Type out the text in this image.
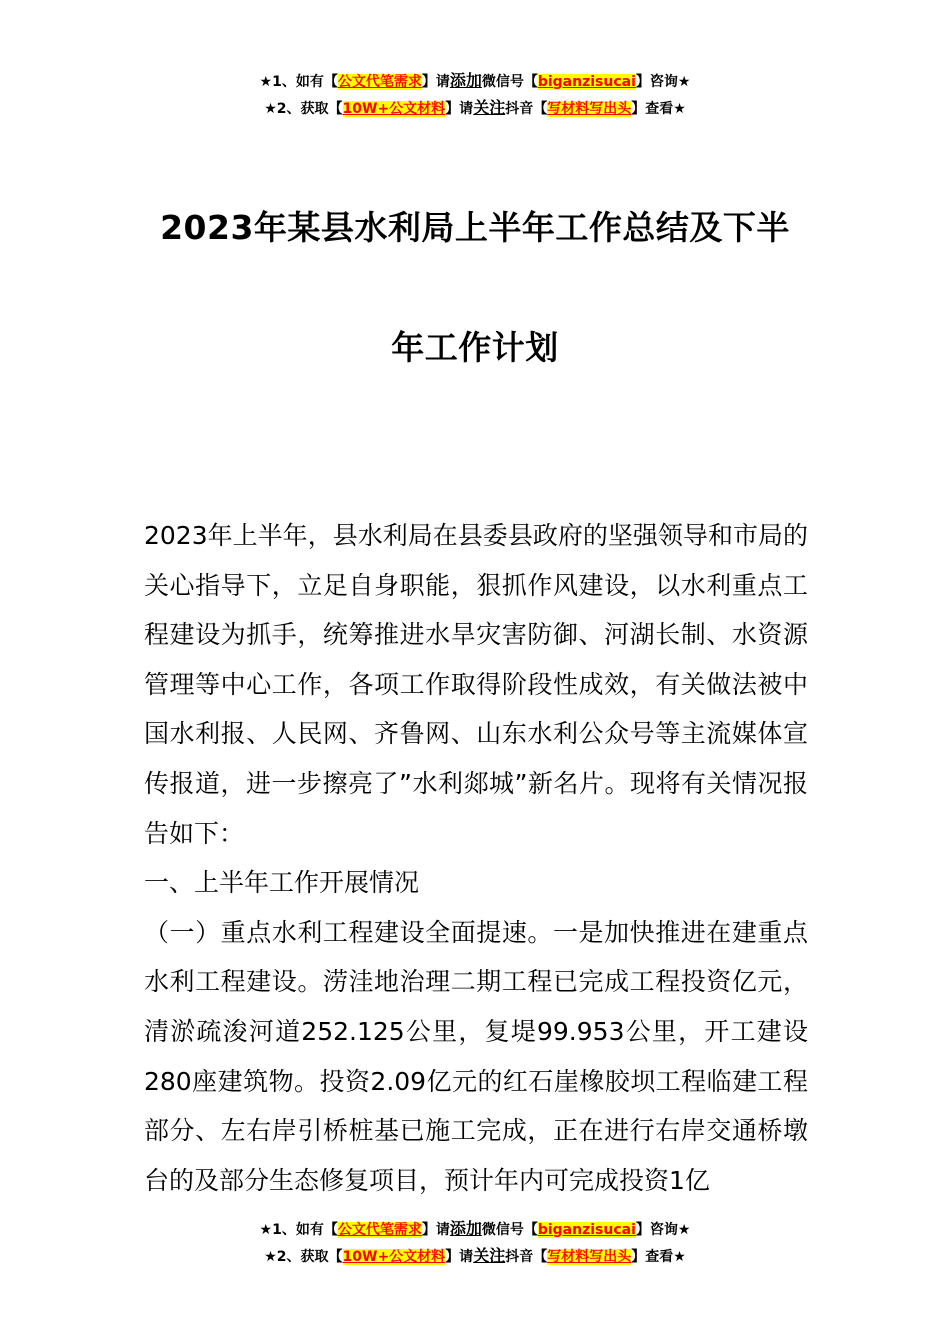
★1、如有【公文代笔需求】请添加微信号【biganzisucai】咨询★
★2、获取【10W+公文材料】请关注抖音【写材料写出头】查看★
2023年某县水利局上半年工作总结及下半
年工作计划

2023年上半年，县水利局在县委县政府的坚强领导和市局的关心指导下，立足自身职能，狠抓作风建设，以水利重点工程建设为抓手，统筹推进水旱灾害防御、河湖长制、水资源管理等中心工作，各项工作取得阶段性成效，有关做法被中国水利报、人民网、齐鲁网、山东水利公众号等主流媒体宣传报道，进一步擦亮了”水利郯城”新名片。现将有关情况报告如下：

一、上半年工作开展情况

（一）重点水利工程建设全面提速。一是加快推进在建重点水利工程建设。涝洼地治理二期工程已完成工程投资亿元，清淤疏浚河道252.125公里，复堤99.953公里，开工建设280座建筑物。投资2.09亿元的红石崖橡胶坝工程临建工程部分、左右岸引桥桩基已施工完成，正在进行右岸交通桥墩台的及部分生态修复项目，预计年内可完成投资1亿

★1、如有【公文代笔需求】请添加微信号【biganzisucai】咨询★
★2、获取【10W+公文材料】请关注抖音【写材料写出头】查看★
